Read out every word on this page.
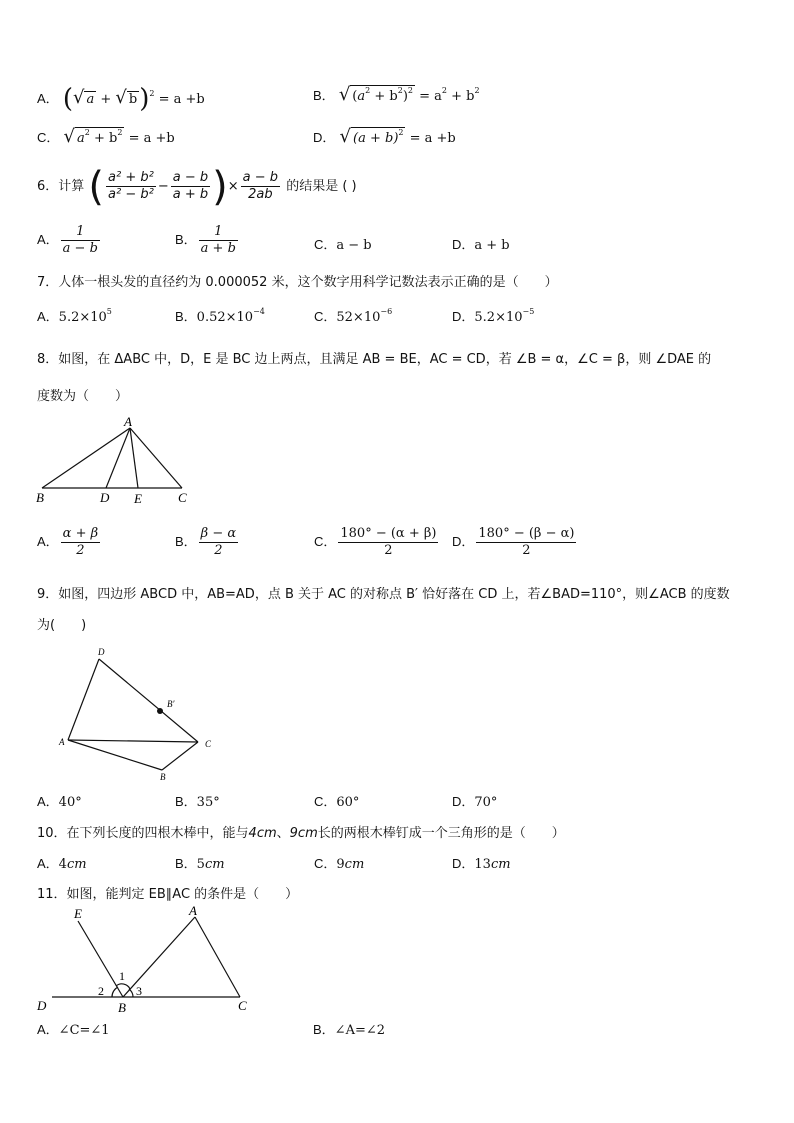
A． (√ a + √ b)$^2$ = a +b	B． √ $(a^2 + b^2)^2 = a^2 + b^2$
C． √ $a^2 + b^2 = a +b$	D． √ $(a + b)^2 = a +b$
6．计算 ( $\frac{\text{a² + b²}}{\text{a² − b²}} - \frac{a - b}{a + b}$ )× $\frac{a - b}{2ab}$ 的结果是 ( )
A． $\frac{1}{a - b}$	B． $\frac{1}{a + b}$	C．a − b	D．a + b
7．人体一根头发的直径约为 0.000052 米，这个数字用科学记数法表示正确的是（　　）
A．$5.2\times 10^5$	B．$0.52\times 10^{-4}$	C．$52\times 10^{-6}$	D．$5.2\times 10^{-5}$
8．如图，在 ΔABC 中，D，E 是 BC 边上两点，且满足 AB = BE，AC = CD，若 ∠B = α，∠C = β，则 ∠DAE 的
度数为（　　）
A
B	D E	C
A． $\frac{\alpha + \beta}{2}$	B． $\frac{\beta - \alpha}{2}$	C． $\frac{180^\circ - (\alpha + \beta)}{2}$ D． $\frac{180^\circ - (\beta - \alpha)}{2}$
9．如图，四边形 ABCD 中，AB=AD，点 B 关于 AC 的对称点 B′ 恰好落在 CD 上，若∠BAD=110°，则∠ACB 的度数
为(　　)
D
B′
A	C
B
A．40°	B．35°	C．60°	D．70°
10．在下列长度的四根木棒中，能与4cm、9cm长的两根木棒钉成一个三角形的是（　　）
A．4cm	B．5cm	C．9cm	D．13cm
11．如图，能判定 EB∥AC 的条件是（　　）
E	A
D	B	C
1
2	3
A．∠C=∠1	B．∠A=∠2
